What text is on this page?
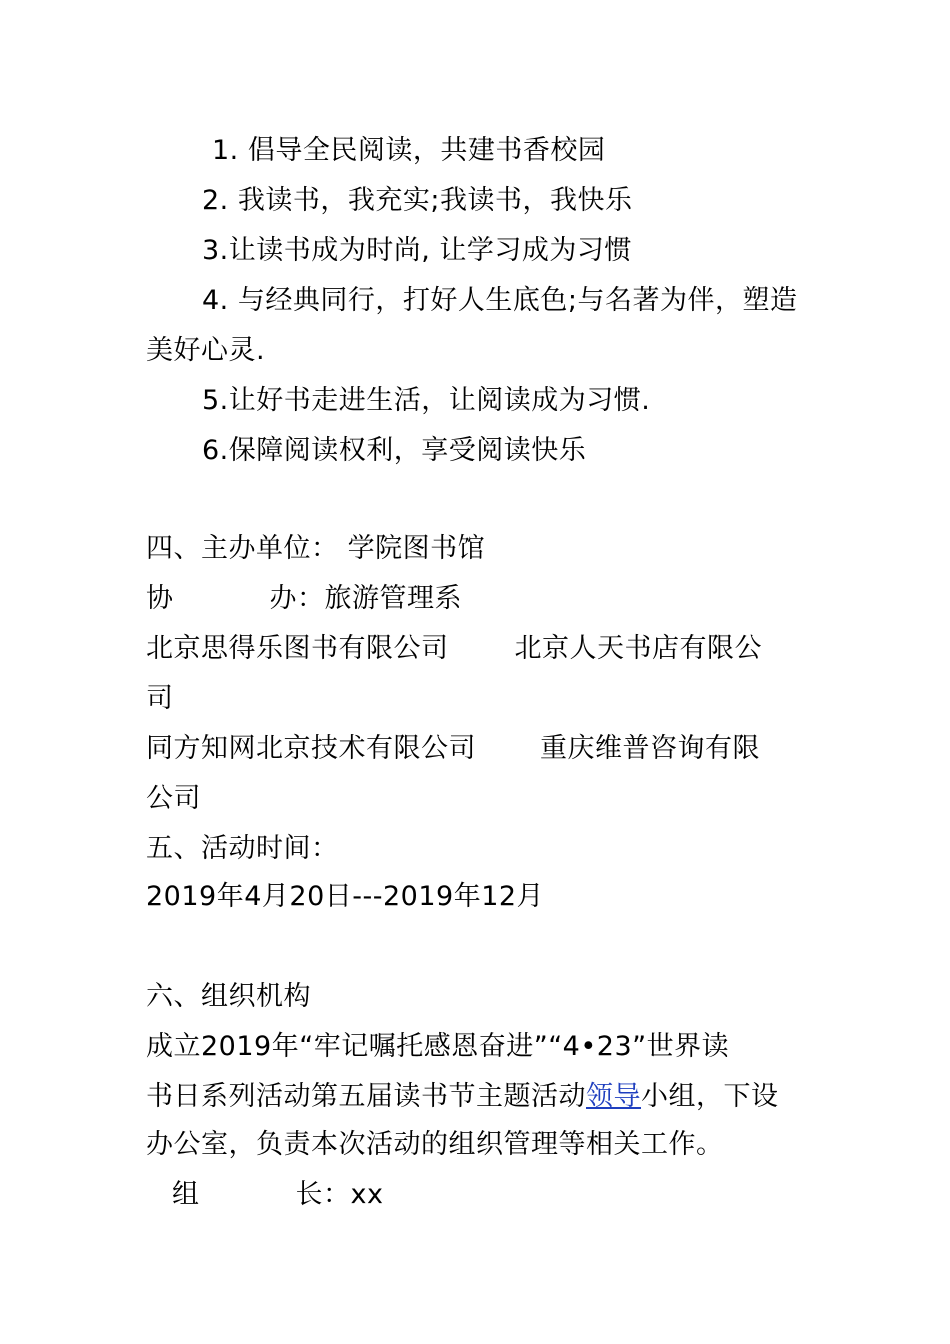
1. 倡导全民阅读，共建书香校园
2. 我读书，我充实;我读书，我快乐
3.让读书成为时尚, 让学习成为习惯
4. 与经典同行，打好人生底色;与名著为伴，塑造
美好心灵.
5.让好书走进生活，让阅读成为习惯.
6.保障阅读权利，享受阅读快乐
四、主办单位： 学院图书馆
协	办：旅游管理系
北京思得乐图书有限公司 北京人天书店有限公
司
同方知网北京技术有限公司 重庆维普咨询有限
公司
五、活动时间：
2019年4月20日---2019年12月
六、组织机构
成立2019年“牢记嘱托感恩奋进”“4•23”世界读
书日系列活动第五届读书节主题活动领导小组，下设
办公室，负责本次活动的组织管理等相关工作。
组	长：xx
